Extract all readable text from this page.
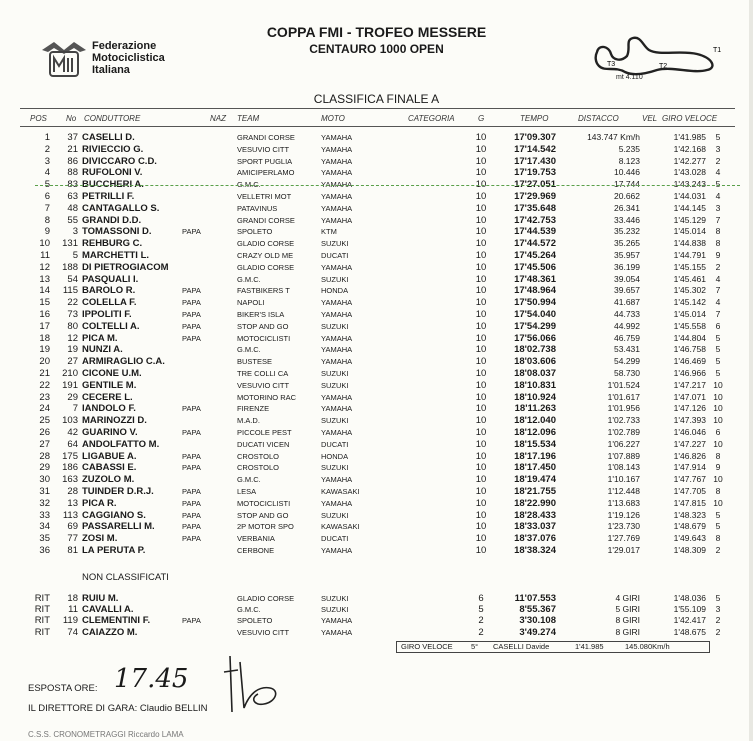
Federazione
Motociclistica
Italiana
COPPA FMI - TROFEO MESSERE
CENTAURO 1000 OPEN	T1
T2
T3
mt 4.110
CLASSIFICA FINALE A
POS No CONDUTTORE	NAZ TEAM	MOTO	CATEGORIA	G	TEMPO	DISTACCO	VEL GIRO VELOCE
1	37 CASELLI D.	GRANDI CORSE	YAMAHA	10	17'09.307	143.747 Km/h	1'41.985	5
2	21 RIVIECCIO G.	VESUVIO CITT	YAMAHA	10	17'14.542	5.235	1'42.168	3
3	86 DIVICCARO C.D.	SPORT PUGLIA	YAMAHA	10	17'17.430	8.123	1'42.277	2
4	88 RUFOLONI V.	AMICIPERLAMO	YAMAHA	10	17'19.753	10.446	1'43.028	4
5	83 BUCCHERI A.	G.M.C.	YAMAHA	10	17'27.051	17.744	1'43.243	5
6	63 PETRILLI F.	VELLETRI MOT	YAMAHA	10	17'29.969	20.662	1'44.031	4
7	48 CANTAGALLO S.	PATAVINUS	YAMAHA	10	17'35.648	26.341	1'44.145	3
8	55 GRANDI D.D.	GRANDI CORSE	YAMAHA	10	17'42.753	33.446	1'45.129	7
9	3 TOMASSONI D.	PAPA	SPOLETO	KTM	10	17'44.539	35.232	1'45.014	8
10	131 REHBURG C.	GLADIO CORSE	SUZUKI	10	17'44.572	35.265	1'44.838	8
11	5 MARCHETTI L.	CRAZY OLD ME	DUCATI	10	17'45.264	35.957	1'44.791	9
12	188 DI PIETROGIACOM	GLADIO CORSE	YAMAHA	10	17'45.506	36.199	1'45.155	2
13	54 PASQUALI I.	G.M.C.	SUZUKI	10	17'48.361	39.054	1'45.461	4
14	115 BAROLO R.	PAPA	FASTBIKERS T	HONDA	10	17'48.964	39.657	1'45.302	7
15	22 COLELLA F.	PAPA	NAPOLI	YAMAHA	10	17'50.994	41.687	1'45.142	4
16	73 IPPOLITI F.	PAPA	BIKER'S ISLA	YAMAHA	10	17'54.040	44.733	1'45.014	7
17	80 COLTELLI A.	PAPA	STOP AND GO	SUZUKI	10	17'54.299	44.992	1'45.558	6
18	12 PICA M.	PAPA	MOTOCICLISTI	YAMAHA	10	17'56.066	46.759	1'44.804	5
19	19 NUNZI A.	G.M.C.	YAMAHA	10	18'02.738	53.431	1'46.758	5
20	27 ARMIRAGLIO C.A.	BUSTESE	YAMAHA	10	18'03.606	54.299	1'46.469	5
21	210 CICONE U.M.	TRE COLLI CA	SUZUKI	10	18'08.037	58.730	1'46.966	5
22	191 GENTILE M.	VESUVIO CITT	SUZUKI	10	18'10.831	1'01.524	1'47.217 10
23	29 CECERE L.	MOTORINO RAC	YAMAHA	10	18'10.924	1'01.617	1'47.071 10
24	7 IANDOLO F.	PAPA	FIRENZE	YAMAHA	10	18'11.263	1'01.956	1'47.126 10
25	103 MARINOZZI D.	M.A.D.	SUZUKI	10	18'12.040	1'02.733	1'47.393 10
26	42 GUARINO V.	PAPA	PICCOLE PEST	YAMAHA	10	18'12.096	1'02.789	1'46.046	6
27	64 ANDOLFATTO M.	DUCATI VICEN	DUCATI	10	18'15.534	1'06.227	1'47.227 10
28	175 LIGABUE A.	PAPA	CROSTOLO	HONDA	10	18'17.196	1'07.889	1'46.826	8
29	186 CABASSI E.	PAPA	CROSTOLO	SUZUKI	10	18'17.450	1'08.143	1'47.914	9
30	163 ZUZOLO M.	G.M.C.	YAMAHA	10	18'19.474	1'10.167	1'47.767 10
31	28 TUINDER D.R.J.	PAPA	LESA	KAWASAKI	10	18'21.755	1'12.448	1'47.705	8
32	13 PICA R.	PAPA	MOTOCICLISTI	YAMAHA	10	18'22.990	1'13.683	1'47.815 10
33	113 CAGGIANO S.	PAPA	STOP AND GO	SUZUKI	10	18'28.433	1'19.126	1'48.323	5
34	69 PASSARELLI M.	PAPA	2P MOTOR SPO	KAWASAKI	10	18'33.037	1'23.730	1'48.679	5
35	77 ZOSI M.	PAPA	VERBANIA	DUCATI	10	18'37.076	1'27.769	1'49.643	8
36	81 LA PERUTA P.	CERBONE	YAMAHA	10	18'38.324	1'29.017	1'48.309	2
NON CLASSIFICATI
RIT	18 RUIU M.	GLADIO CORSE	SUZUKI	6	11'07.553	4 GIRI	1'48.036	5
RIT	11 CAVALLI A.	G.M.C.	SUZUKI	5	8'55.367	5 GIRI	1'55.109	3
RIT	119 CLEMENTINI F.	PAPA	SPOLETO	YAMAHA	2	3'30.108	8 GIRI	1'42.417	2
RIT	74 CAIAZZO M.	VESUVIO CITT	YAMAHA	2	3'49.274	8 GIRI	1'48.675	2
GIRO VELOCE 5° CASELLI Davide	1'41.985	145.080Km/h
ESPOSTA ORE: 17.45
IL DIRETTORE DI GARA: Claudio BELLIN
C.S.S. CRONOMETRAGGI Riccardo LAMA
